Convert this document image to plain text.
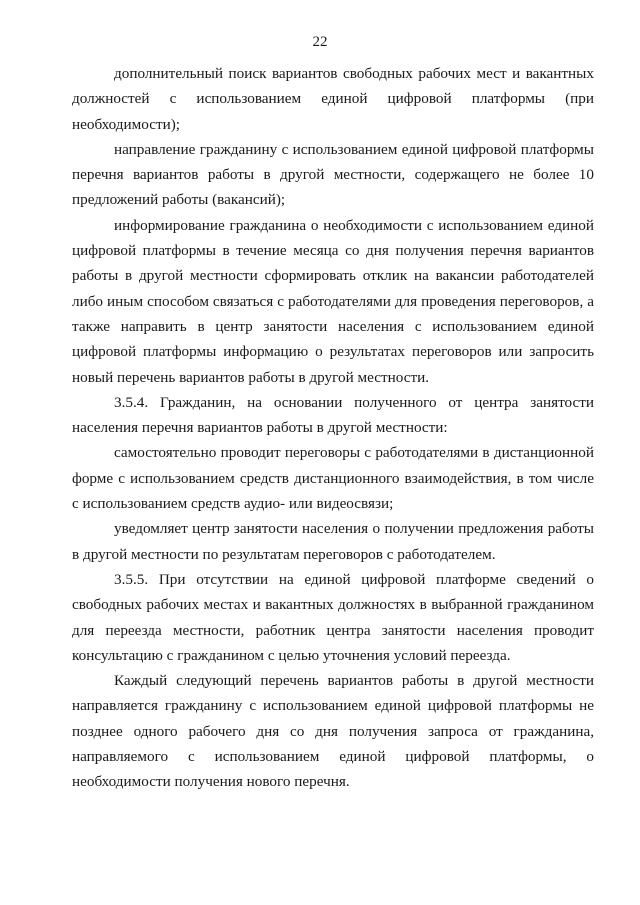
22

дополнительный поиск вариантов свободных рабочих мест и вакантных должностей с использованием единой цифровой платформы (при необходимости);

направление гражданину с использованием единой цифровой платформы перечня вариантов работы в другой местности, содержащего не более 10 предложений работы (вакансий);

информирование гражданина о необходимости с использованием единой цифровой платформы в течение месяца со дня получения перечня вариантов работы в другой местности сформировать отклик на вакансии работодателей либо иным способом связаться с работодателями для проведения переговоров, а также направить в центр занятости населения с использованием единой цифровой платформы информацию о результатах переговоров или запросить новый перечень вариантов работы в другой местности.

3.5.4. Гражданин, на основании полученного от центра занятости населения перечня вариантов работы в другой местности:

самостоятельно проводит переговоры с работодателями в дистанционной форме с использованием средств дистанционного взаимодействия, в том числе с использованием средств аудио- или видеосвязи;

уведомляет центр занятости населения о получении предложения работы в другой местности по результатам переговоров с работодателем.

3.5.5. При отсутствии на единой цифровой платформе сведений о свободных рабочих местах и вакантных должностях в выбранной гражданином для переезда местности, работник центра занятости населения проводит консультацию с гражданином с целью уточнения условий переезда.

Каждый следующий перечень вариантов работы в другой местности направляется гражданину с использованием единой цифровой платформы не позднее одного рабочего дня со дня получения запроса от гражданина, направляемого с использованием единой цифровой платформы, о необходимости получения нового перечня.
